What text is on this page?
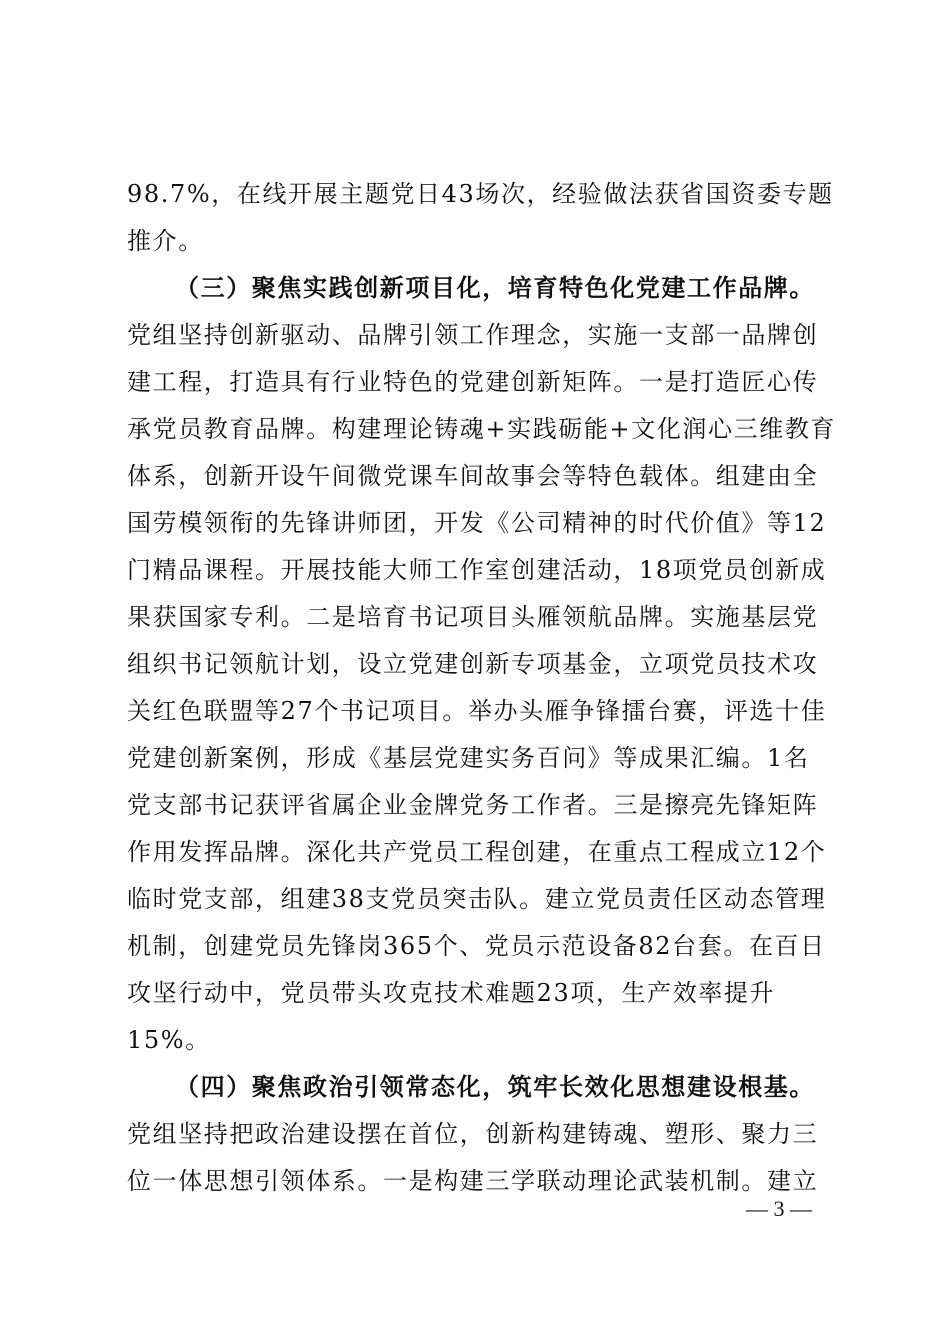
98.7%，在线开展主题党日43场次，经验做法获省国资委专题
推介。
（三）聚焦实践创新项目化，培育特色化党建工作品牌。
党组坚持创新驱动、品牌引领工作理念，实施一支部一品牌创
建工程，打造具有行业特色的党建创新矩阵。一是打造匠心传
承党员教育品牌。构建理论铸魂+实践砺能+文化润心三维教育
体系，创新开设午间微党课车间故事会等特色载体。组建由全
国劳模领衔的先锋讲师团，开发《公司精神的时代价值》等12
门精品课程。开展技能大师工作室创建活动，18项党员创新成
果获国家专利。二是培育书记项目头雁领航品牌。实施基层党
组织书记领航计划，设立党建创新专项基金，立项党员技术攻
关红色联盟等27个书记项目。举办头雁争锋擂台赛，评选十佳
党建创新案例，形成《基层党建实务百问》等成果汇编。1名
党支部书记获评省属企业金牌党务工作者。三是擦亮先锋矩阵
作用发挥品牌。深化共产党员工程创建，在重点工程成立12个
临时党支部，组建38支党员突击队。建立党员责任区动态管理
机制，创建党员先锋岗365个、党员示范设备82台套。在百日
攻坚行动中，党员带头攻克技术难题23项，生产效率提升
15%。
（四）聚焦政治引领常态化，筑牢长效化思想建设根基。
党组坚持把政治建设摆在首位，创新构建铸魂、塑形、聚力三
位一体思想引领体系。一是构建三学联动理论武装机制。建立
— 3 —
